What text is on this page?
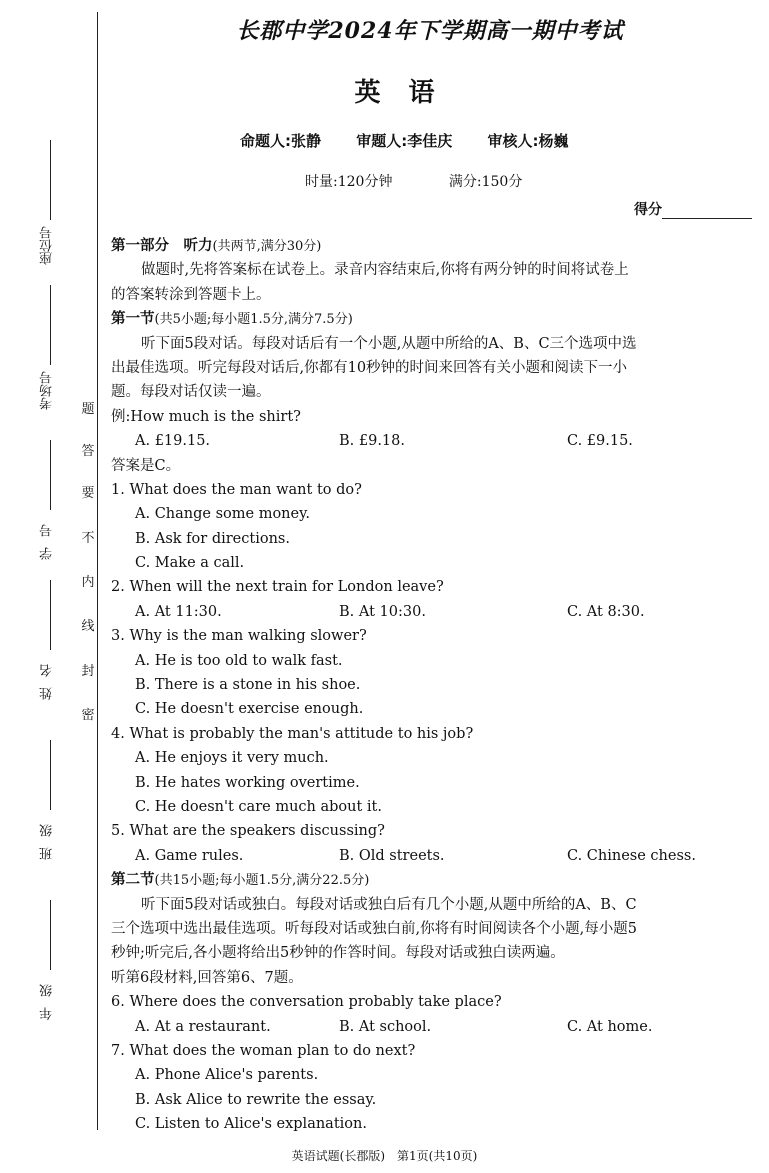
座位号
考场号
学号
姓名
班级
年级
题
答
要
不
内
线
封
密
长郡中学2024年下学期高一期中考试
英　语
命题人:张静 审题人:李佳庆 审核人:杨巍
时量:120分钟	满分:150分
得分
第一部分　听力(共两节,满分30分)
做题时,先将答案标在试卷上。录音内容结束后,你将有两分钟的时间将试卷上
的答案转涂到答题卡上。
第一节(共5小题;每小题1.5分,满分7.5分)
听下面5段对话。每段对话后有一个小题,从题中所给的A、B、C三个选项中选
出最佳选项。听完每段对话后,你都有10秒钟的时间来回答有关小题和阅读下一小
题。每段对话仅读一遍。
例:How much is the shirt?
A. £19.15.	B. £9.18.	C. £9.15.
答案是C。
1. What does the man want to do?
A. Change some money.
B. Ask for directions.
C. Make a call.
2. When will the next train for London leave?
A. At 11:30.	B. At 10:30.	C. At 8:30.
3. Why is the man walking slower?
A. He is too old to walk fast.
B. There is a stone in his shoe.
C. He doesn't exercise enough.
4. What is probably the man's attitude to his job?
A. He enjoys it very much.
B. He hates working overtime.
C. He doesn't care much about it.
5. What are the speakers discussing?
A. Game rules.	B. Old streets.	C. Chinese chess.
第二节(共15小题;每小题1.5分,满分22.5分)
听下面5段对话或独白。每段对话或独白后有几个小题,从题中所给的A、B、C
三个选项中选出最佳选项。听每段对话或独白前,你将有时间阅读各个小题,每小题5
秒钟;听完后,各小题将给出5秒钟的作答时间。每段对话或独白读两遍。
听第6段材料,回答第6、7题。
6. Where does the conversation probably take place?
A. At a restaurant.	B. At school.	C. At home.
7. What does the woman plan to do next?
A. Phone Alice's parents.
B. Ask Alice to rewrite the essay.
C. Listen to Alice's explanation.
英语试题(长郡版)　第1页(共10页)
